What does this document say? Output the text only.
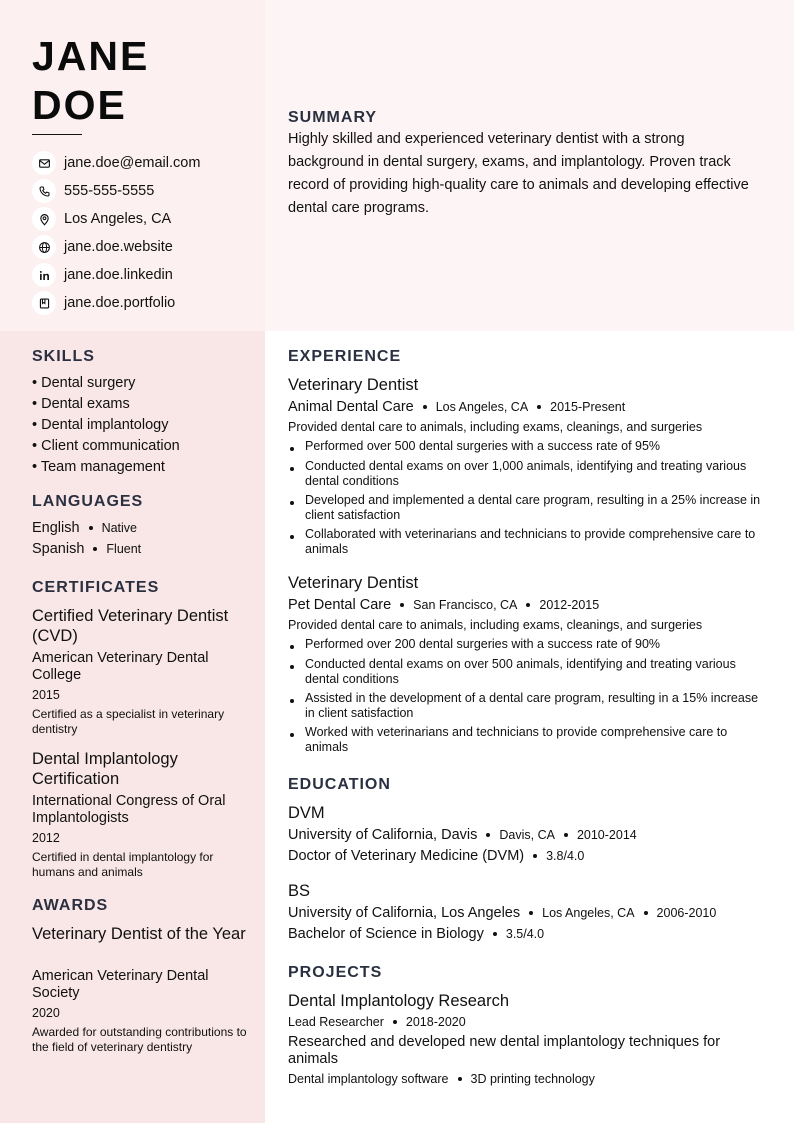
JANE
DOE
jane.doe@email.com
555-555-5555
Los Angeles, CA
jane.doe.website
jane.doe.linkedin
jane.doe.portfolio
SUMMARY
Highly skilled and experienced veterinary dentist with a strong background in dental surgery, exams, and implantology. Proven track record of providing high-quality care to animals and developing effective dental care programs.
SKILLS
• Dental surgery
• Dental exams
• Dental implantology
• Client communication
• Team management
LANGUAGES
English Native
Spanish Fluent
CERTIFICATES
Certified Veterinary Dentist (CVD)
American Veterinary Dental College
2015
Certified as a specialist in veterinary dentistry
Dental Implantology Certification
International Congress of Oral Implantologists
2012
Certified in dental implantology for humans and animals
AWARDS
Veterinary Dentist of the Year
American Veterinary Dental Society
2020
Awarded for outstanding contributions to the field of veterinary dentistry
EXPERIENCE
Veterinary Dentist
Animal Dental Care Los Angeles, CA 2015-Present
Provided dental care to animals, including exams, cleanings, and surgeries
Performed over 500 dental surgeries with a success rate of 95%
Conducted dental exams on over 1,000 animals, identifying and treating various dental conditions
Developed and implemented a dental care program, resulting in a 25% increase in client satisfaction
Collaborated with veterinarians and technicians to provide comprehensive care to animals
Veterinary Dentist
Pet Dental Care San Francisco, CA 2012-2015
Provided dental care to animals, including exams, cleanings, and surgeries
Performed over 200 dental surgeries with a success rate of 90%
Conducted dental exams on over 500 animals, identifying and treating various dental conditions
Assisted in the development of a dental care program, resulting in a 15% increase in client satisfaction
Worked with veterinarians and technicians to provide comprehensive care to animals
EDUCATION
DVM
University of California, Davis Davis, CA 2010-2014
Doctor of Veterinary Medicine (DVM) 3.8/4.0
BS
University of California, Los Angeles Los Angeles, CA 2006-2010
Bachelor of Science in Biology 3.5/4.0
PROJECTS
Dental Implantology Research
Lead Researcher 2018-2020
Researched and developed new dental implantology techniques for animals
Dental implantology software 3D printing technology
